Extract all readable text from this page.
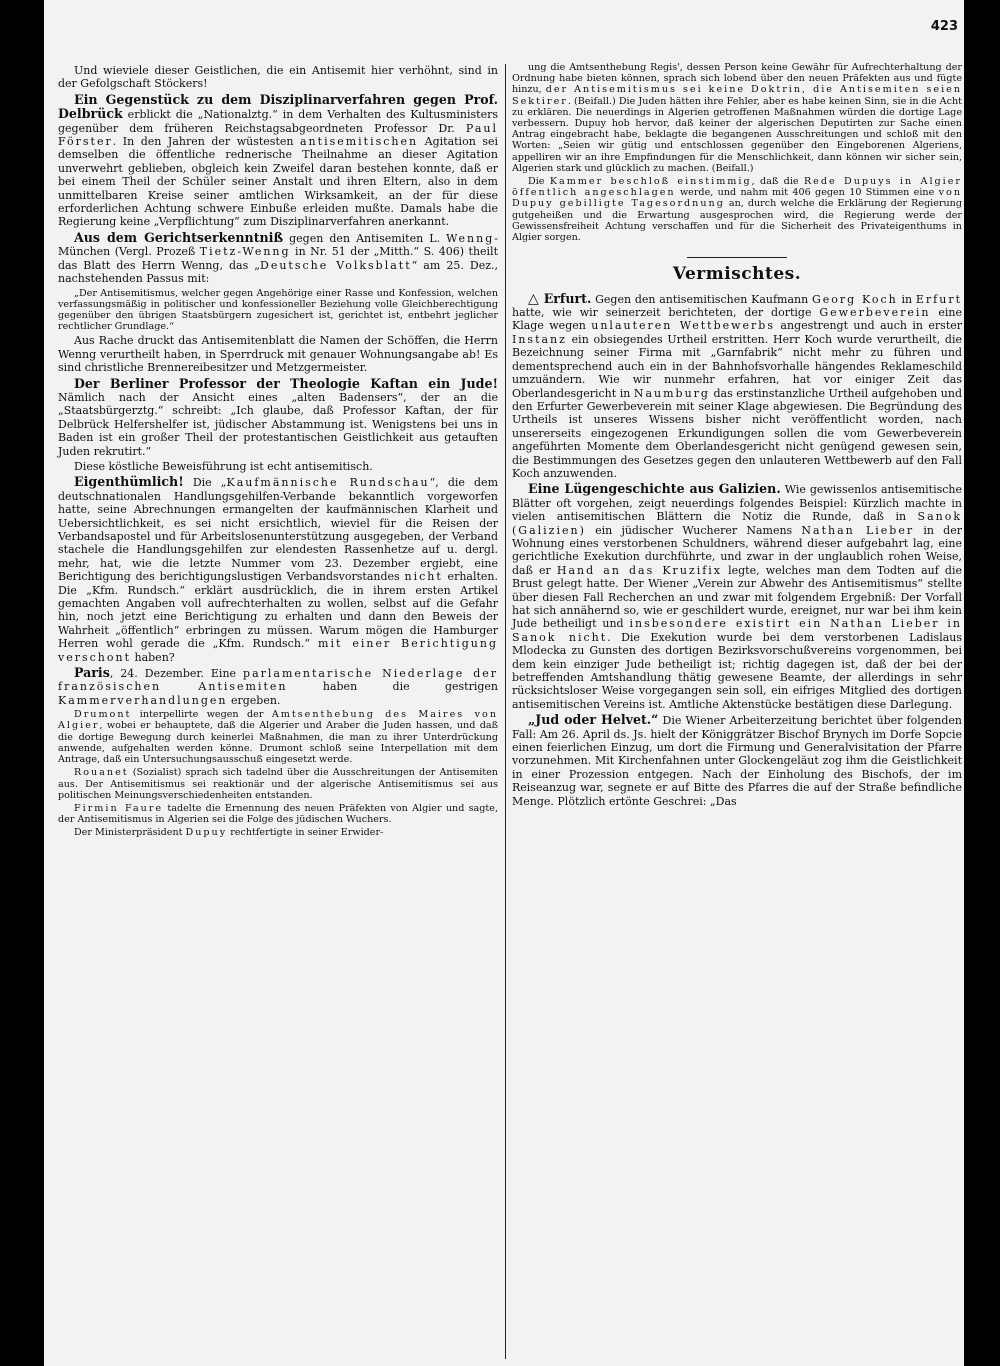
423

Und wieviele dieser Geistlichen, die ein Antisemit hier verhöhnt, sind in der Gefolgschaft Stöckers!

Ein Gegenstück zu dem Disziplinarverfahren gegen Prof. Delbrück erblickt die „Nationalztg.“ in dem Verhalten des Kultusministers gegenüber dem früheren Reichstagsabgeordneten Professor Dr. Paul Förster. In den Jahren der wüstesten antisemitischen Agitation sei demselben die öffentliche rednerische Theilnahme an dieser Agitation unverwehrt geblieben, obgleich kein Zweifel daran bestehen konnte, daß er bei einem Theil der Schüler seiner Anstalt und ihren Eltern, also in dem unmittelbaren Kreise seiner amtlichen Wirksamkeit, an der für diese erforderlichen Achtung schwere Einbuße erleiden mußte. Damals habe die Regierung keine „Verpflichtung“ zum Disziplinarverfahren anerkannt.

Aus dem Gerichtserkenntniß gegen den Antisemiten L. Wenng-München (Vergl. Prozeß Tietz-Wenng in Nr. 51 der „Mitth.“ S. 406) theilt das Blatt des Herrn Wenng, das „Deutsche Volksblatt“ am 25. Dez., nachstehenden Passus mit:

„Der Antisemitismus, welcher gegen Angehörige einer Rasse und Konfession, welchen verfassungsmäßig in politischer und konfessioneller Beziehung volle Gleichberechtigung gegenüber den übrigen Staatsbürgern zugesichert ist, gerichtet ist, entbehrt jeglicher rechtlicher Grundlage.“

Aus Rache druckt das Antisemitenblatt die Namen der Schöffen, die Herrn Wenng verurtheilt haben, in Sperrdruck mit genauer Wohnungsangabe ab! Es sind christliche Brennereibesitzer und Metzgermeister.

Der Berliner Professor der Theologie Kaftan ein Jude! Nämlich nach der Ansicht eines „alten Badensers“, der an die „Staatsbürgerztg.“ schreibt: „Ich glaube, daß Professor Kaftan, der für Delbrück Helfershelfer ist, jüdischer Abstammung ist. Wenigstens bei uns in Baden ist ein großer Theil der protestantischen Geistlichkeit aus getauften Juden rekrutirt.“

Diese köstliche Beweisführung ist echt antisemitisch.

Eigenthümlich! Die „Kaufmännische Rundschau“, die dem deutschnationalen Handlungsgehilfen-Verbande bekanntlich vorgeworfen hatte, seine Abrechnungen ermangelten der kaufmännischen Klarheit und Uebersichtlichkeit, es sei nicht ersichtlich, wieviel für die Reisen der Verbandsapostel und für Arbeitslosenunterstützung ausgegeben, der Verband stachele die Handlungsgehilfen zur elendesten Rassenhetze auf u. dergl. mehr, hat, wie die letzte Nummer vom 23. Dezember ergiebt, eine Berichtigung des berichtigungslustigen Verbandsvorstandes nicht erhalten. Die „Kfm. Rundsch.“ erklärt ausdrücklich, die in ihrem ersten Artikel gemachten Angaben voll aufrechterhalten zu wollen, selbst auf die Gefahr hin, noch jetzt eine Berichtigung zu erhalten und dann den Beweis der Wahrheit „öffentlich“ erbringen zu müssen. Warum mögen die Hamburger Herren wohl gerade die „Kfm. Rundsch.“ mit einer Berichtigung verschont haben?

Paris, 24. Dezember. Eine parlamentarische Niederlage der französischen Antisemiten haben die gestrigen Kammerverhandlungen ergeben.

Drumont interpellirte wegen der Amtsenthebung des Maires von Algier, wobei er behauptete, daß die Algerier und Araber die Juden hassen, und daß die dortige Bewegung durch keinerlei Maßnahmen, die man zu ihrer Unterdrückung anwende, aufgehalten werden könne. Drumont schloß seine Interpellation mit dem Antrage, daß ein Untersuchungsausschuß eingesetzt werde.

Rouanet (Sozialist) sprach sich tadelnd über die Ausschreitungen der Antisemiten aus. Der Antisemitismus sei reaktionär und der algerische Antisemitismus sei aus politischen Meinungsverschiedenheiten entstanden.

Firmin Faure tadelte die Ernennung des neuen Präfekten von Algier und sagte, der Antisemitismus in Algerien sei die Folge des jüdischen Wuchers.

Der Ministerpräsident Dupuy rechtfertigte in seiner Erwider-

ung die Amtsenthebung Regis', dessen Person keine Gewähr für Aufrechterhaltung der Ordnung habe bieten können, sprach sich lobend über den neuen Präfekten aus und fügte hinzu, der Antisemitismus sei keine Doktrin, die Antisemiten seien Sektirer. (Beifall.) Die Juden hätten ihre Fehler, aber es habe keinen Sinn, sie in die Acht zu erklären. Die neuerdings in Algerien getroffenen Maßnahmen würden die dortige Lage verbessern. Dupuy hob hervor, daß keiner der algerischen Deputirten zur Sache einen Antrag eingebracht habe, beklagte die begangenen Ausschreitungen und schloß mit den Worten: „Seien wir gütig und entschlossen gegenüber den Eingeborenen Algeriens, appelliren wir an ihre Empfindungen für die Menschlichkeit, dann können wir sicher sein, Algerien stark und glücklich zu machen. (Beifall.)

Die Kammer beschloß einstimmig, daß die Rede Dupuys in Algier öffentlich angeschlagen werde, und nahm mit 406 gegen 10 Stimmen eine von Dupuy gebilligte Tagesordnung an, durch welche die Erklärung der Regierung gutgeheißen und die Erwartung ausgesprochen wird, die Regierung werde der Gewissensfreiheit Achtung verschaffen und für die Sicherheit des Privateigenthums in Algier sorgen.

Vermischtes.

△ Erfurt. Gegen den antisemitischen Kaufmann Georg Koch in Erfurt hatte, wie wir seinerzeit berichteten, der dortige Gewerbeverein eine Klage wegen unlauteren Wettbewerbs angestrengt und auch in erster Instanz ein obsiegendes Urtheil erstritten. Herr Koch wurde verurtheilt, die Bezeichnung seiner Firma mit „Garnfabrik“ nicht mehr zu führen und dementsprechend auch ein in der Bahnhofsvorhalle hängendes Reklameschild umzuändern. Wie wir nunmehr erfahren, hat vor einiger Zeit das Oberlandesgericht in Naumburg das erstinstanzliche Urtheil aufgehoben und den Erfurter Gewerbeverein mit seiner Klage abgewiesen. Die Begründung des Urtheils ist unseres Wissens bisher nicht veröffentlicht worden, nach unsererseits eingezogenen Erkundigungen sollen die vom Gewerbeverein angeführten Momente dem Oberlandesgericht nicht genügend gewesen sein, die Bestimmungen des Gesetzes gegen den unlauteren Wettbewerb auf den Fall Koch anzuwenden.

Eine Lügengeschichte aus Galizien. Wie gewissenlos antisemitische Blätter oft vorgehen, zeigt neuerdings folgendes Beispiel: Kürzlich machte in vielen antisemitischen Blättern die Notiz die Runde, daß in Sanok (Galizien) ein jüdischer Wucherer Namens Nathan Lieber in der Wohnung eines verstorbenen Schuldners, während dieser aufgebahrt lag, eine gerichtliche Exekution durchführte, und zwar in der unglaublich rohen Weise, daß er Hand an das Kruzifix legte, welches man dem Todten auf die Brust gelegt hatte. Der Wiener „Verein zur Abwehr des Antisemitismus“ stellte über diesen Fall Recherchen an und zwar mit folgendem Ergebniß: Der Vorfall hat sich annähernd so, wie er geschildert wurde, ereignet, nur war bei ihm kein Jude betheiligt und insbesondere existirt ein Nathan Lieber in Sanok nicht. Die Exekution wurde bei dem verstorbenen Ladislaus Mlodecka zu Gunsten des dortigen Bezirksvorschußvereins vorgenommen, bei dem kein einziger Jude betheiligt ist; richtig dagegen ist, daß der bei der betreffenden Amtshandlung thätig gewesene Beamte, der allerdings in sehr rücksichtsloser Weise vorgegangen sein soll, ein eifriges Mitglied des dortigen antisemitischen Vereins ist. Amtliche Aktenstücke bestätigen diese Darlegung.

„Jud oder Helvet.“ Die Wiener Arbeiterzeitung berichtet über folgenden Fall: Am 26. April ds. Js. hielt der Königgrätzer Bischof Brynych im Dorfe Sopcie einen feierlichen Einzug, um dort die Firmung und Generalvisitation der Pfarre vorzunehmen. Mit Kirchenfahnen unter Glockengeläut zog ihm die Geistlichkeit in einer Prozession entgegen. Nach der Einholung des Bischofs, der im Reiseanzug war, segnete er auf Bitte des Pfarres die auf der Straße befindliche Menge. Plötzlich ertönte Geschrei: „Das
